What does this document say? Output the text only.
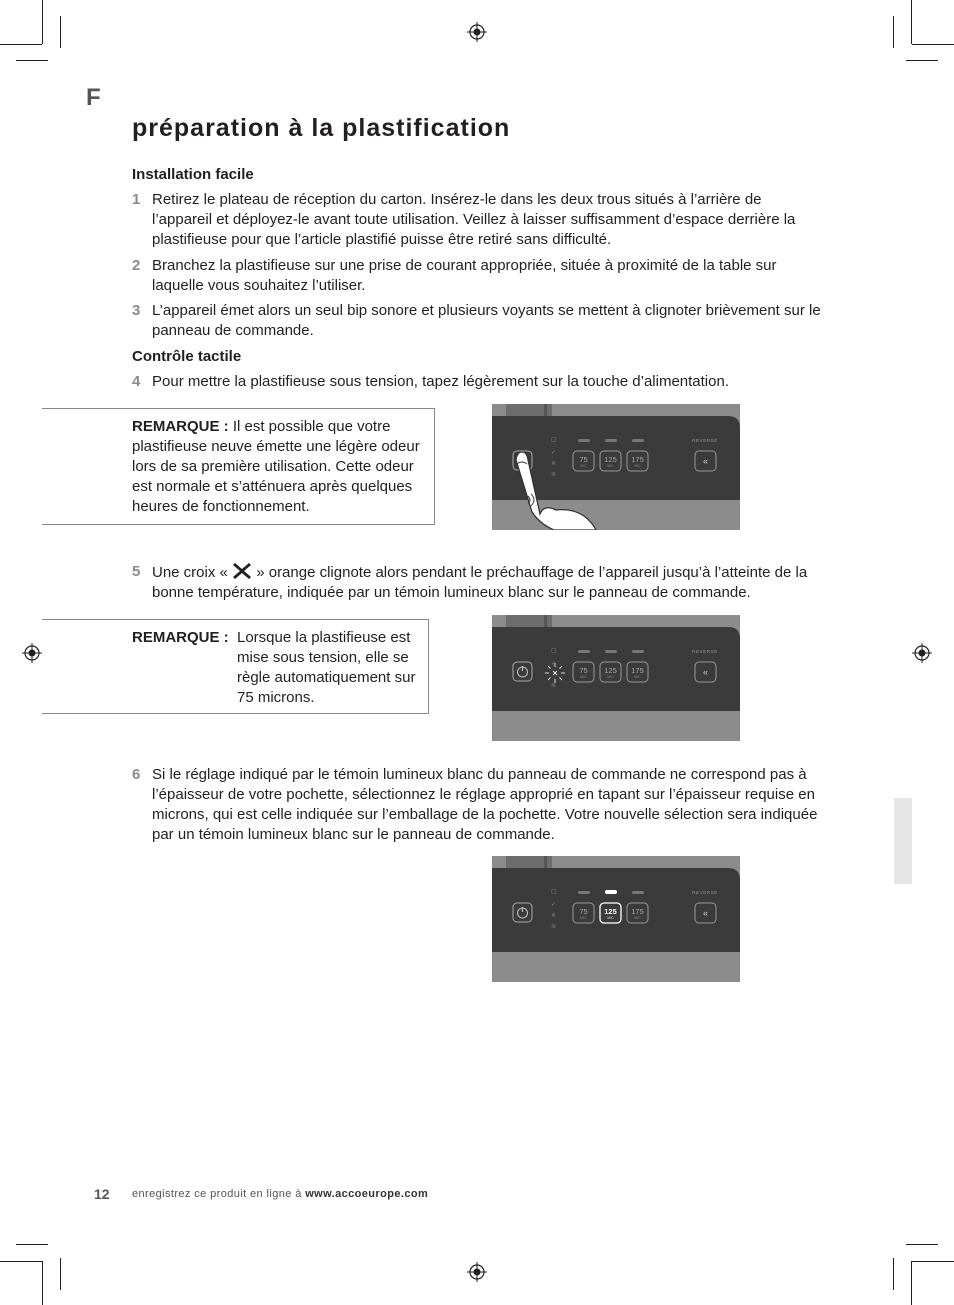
F
préparation à la plastification
Installation facile
1 Retirez le plateau de réception du carton. Insérez-le dans les deux trous situés à l’arrière de l’appareil et déployez-le avant toute utilisation. Veillez à laisser suffisamment d’espace derrière la plastifieuse pour que l’article plastifié puisse être retiré sans difficulté.
2 Branchez la plastifieuse sur une prise de courant appropriée, située à proximité de la table sur laquelle vous souhaitez l’utiliser.
3 L’appareil émet alors un seul bip sonore et plusieurs voyants se mettent à clignoter brièvement sur le panneau de commande.
Contrôle tactile
4 Pour mettre la plastifieuse sous tension, tapez légèrement sur la touche d’alimentation.
REMARQUE : Il est possible que votre plastifieuse neuve émette une légère odeur lors de sa première utilisation. Cette odeur est normale et s’atténuera après quelques heures de fonctionnement.
▢
✓
✕
≋
75 125 175
MIC	MIC	MIC
REVERSE
«
5 Une croix «  » orange clignote alors pendant le préchauffage de l’appareil jusqu’à l’atteinte de la bonne température, indiquée par un témoin lumineux blanc sur le panneau de commande.
REMARQUE : Lorsque la plastifieuse est mise sous tension, elle se règle automatiquement sur 75 microns.
▢
✓
≋
75 125 175
MIC	MIC	MIC
REVERSE
«
6 Si le réglage indiqué par le témoin lumineux blanc du panneau de commande ne correspond pas à l’épaisseur de votre pochette, sélectionnez le réglage approprié en tapant sur l’épaisseur requise en microns, qui est celle indiquée sur l’emballage de la pochette. Votre nouvelle sélection sera indiquée par un témoin lumineux blanc sur le panneau de commande.
▢
✓
✕
≋
75 125 175
MIC	MIC	MIC
REVERSE
«
12 enregistrez ce produit en ligne à www.accoeurope.com
